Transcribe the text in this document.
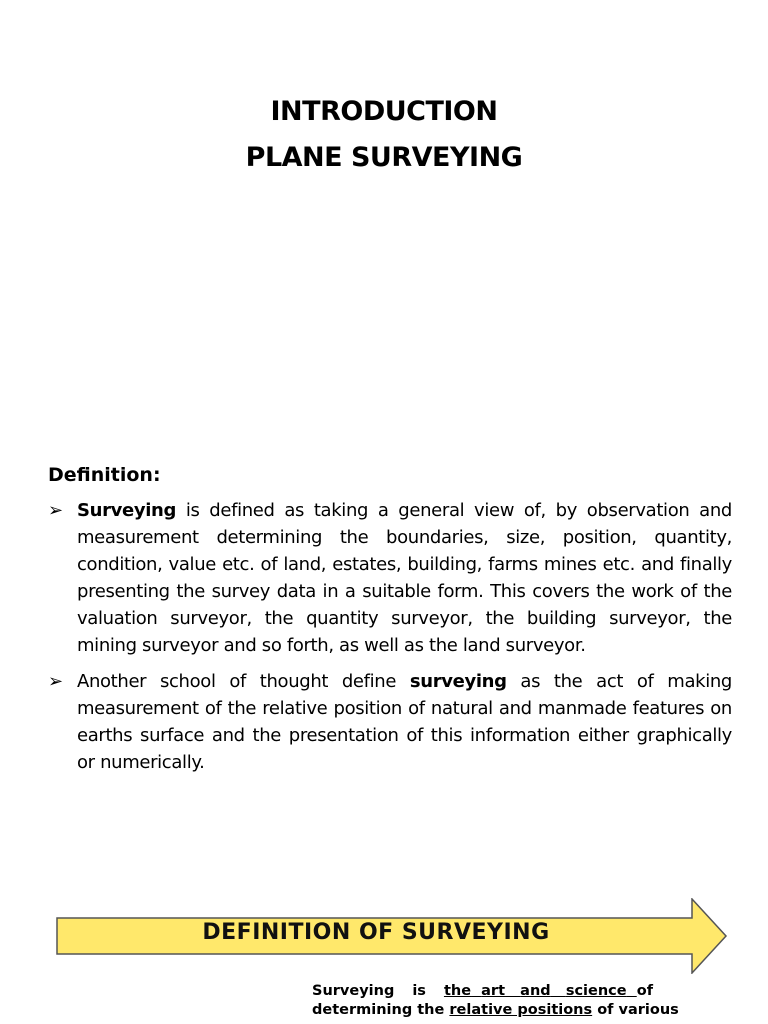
INTRODUCTION
PLANE SURVEYING
Definition:
➢ Surveying is defined as taking a general view of, by observation and measurement determining the boundaries, size, position, quantity, condition, value etc. of land, estates, building, farms mines etc. and finally presenting the survey data in a suitable form. This covers the work of the valuation surveyor, the quantity surveyor, the building surveyor, the mining surveyor and so forth, as well as the land surveyor.
➢ Another school of thought define surveying as the act of making measurement of the relative position of natural and manmade features on earths surface and the presentation of this information either graphically or numerically.
DEFINITION OF SURVEYING
Surveying is the art and science of
determining the relative positions of various
